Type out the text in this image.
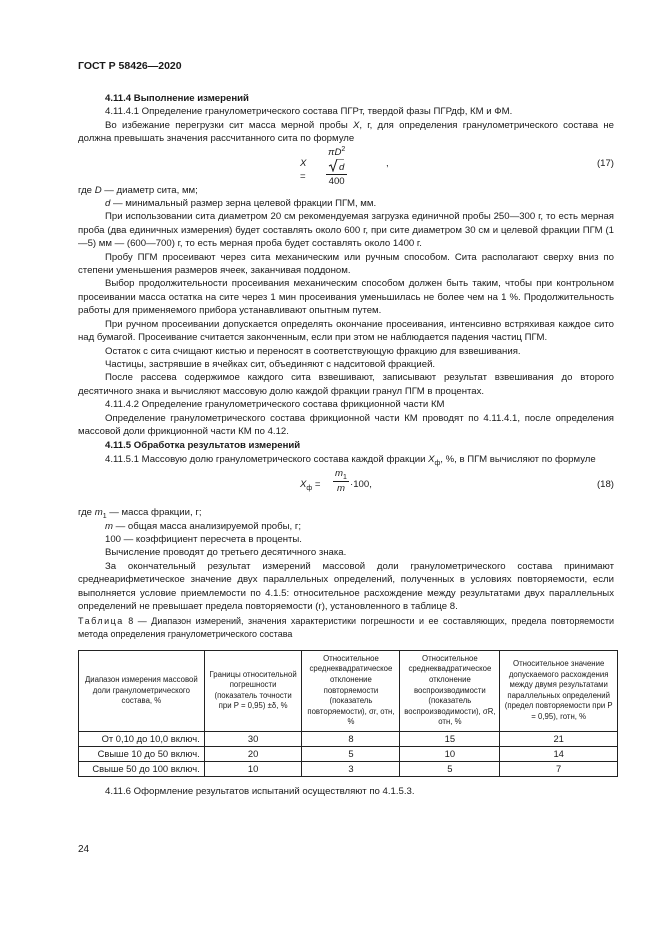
ГОСТ Р 58426—2020

4.11.4 Выполнение измерений

4.11.4.1 Определение гранулометрического состава ПГРт, твердой фазы ПГРдф, КМ и ФМ.

Во избежание перегрузки сит масса мерной пробы X, г, для определения гранулометрического состава не должна превышать значения рассчитанного сита по формуле

X =
$\pi D^2$ d
400
,	(17)

где D — диаметр сита, мм;

d — минимальный размер зерна целевой фракции ПГМ, мм.

При использовании сита диаметром 20 см рекомендуемая загрузка единичной пробы 250—300 г, то есть мерная проба (два единичных измерения) будет составлять около 600 г, при сите диаметром 30 см и целевой фракции ПГМ (1—5) мм — (600—700) г, то есть мерная проба будет составлять около 1400 г.

Пробу ПГМ просеивают через сита механическим или ручным способом. Сита располагают сверху вниз по степени уменьшения размеров ячеек, заканчивая поддоном.

Выбор продолжительности просеивания механическим способом должен быть таким, чтобы при контрольном просеивании масса остатка на сите через 1 мин просеивания уменьшилась не более чем на 1 %. Продолжительность работы для применяемого прибора устанавливают опытным путем.

При ручном просеивании допускается определять окончание просеивания, интенсивно встряхивая каждое сито над бумагой. Просеивание считается законченным, если при этом не наблюдается падения частиц ПГМ.

Остаток с сита счищают кистью и переносят в соответствующую фракцию для взвешивания.

Частицы, застрявшие в ячейках сит, объединяют с надситовой фракцией.

После рассева содержимое каждого сита взвешивают, записывают результат взвешивания до второго десятичного знака и вычисляют массовую долю каждой фракции гранул ПГМ в процентах.

4.11.4.2 Определение гранулометрического состава фрикционной части КМ

Определение гранулометрического состава фрикционной части КМ проводят по 4.11.4.1, после определения массовой доли фрикционной части КМ по 4.12.

4.11.5 Обработка результатов измерений

4.11.5.1 Массовую долю гранулометрического состава каждой фракции $X_ф$, %, в ПГМ вычисляют по формуле

$X_ф$ =
$m_1$
m ·100,	(18)

где $m_1$ — масса фракции, г;

m — общая масса анализируемой пробы, г;

100 — коэффициент пересчета в проценты.

Вычисление проводят до третьего десятичного знака.

За окончательный результат измерений массовой доли гранулометрического состава принимают среднеарифметическое значение двух параллельных определений, полученных в условиях повторяемости, если выполняется условие приемлемости по 4.1.5: относительное расхождение между результатами двух параллельных определений не превышает предела повторяемости (r), установленного в таблице 8.

Таблица 8 — Диапазон измерений, значения характеристики погрешности и ее составляющих, предела повторяемости метода определения гранулометрического состава

Диапазон измерения массовой доли гранулометрического состава, %	Границы относительной погрешности (показатель точности при P = 0,95) ±δ, %	Относительное среднеквадратическое отклонение повторяемости (показатель повторяемости), σr, отн, %	Относительное среднеквадратическое отклонение воспроизводимости (показатель воспроизводимости), σR, отн, %	Относительное значение допускаемого расхождения между двумя результатами параллельных определений (предел повторяемости при P = 0,95), rотн, %
От 0,10 до 10,0 включ.	30	8	15	21
Свыше 10 до 50 включ.	20	5	10	14
Свыше 50 до 100 включ.	10	3	5	7

4.11.6 Оформление результатов испытаний осуществляют по 4.1.5.3.

24
